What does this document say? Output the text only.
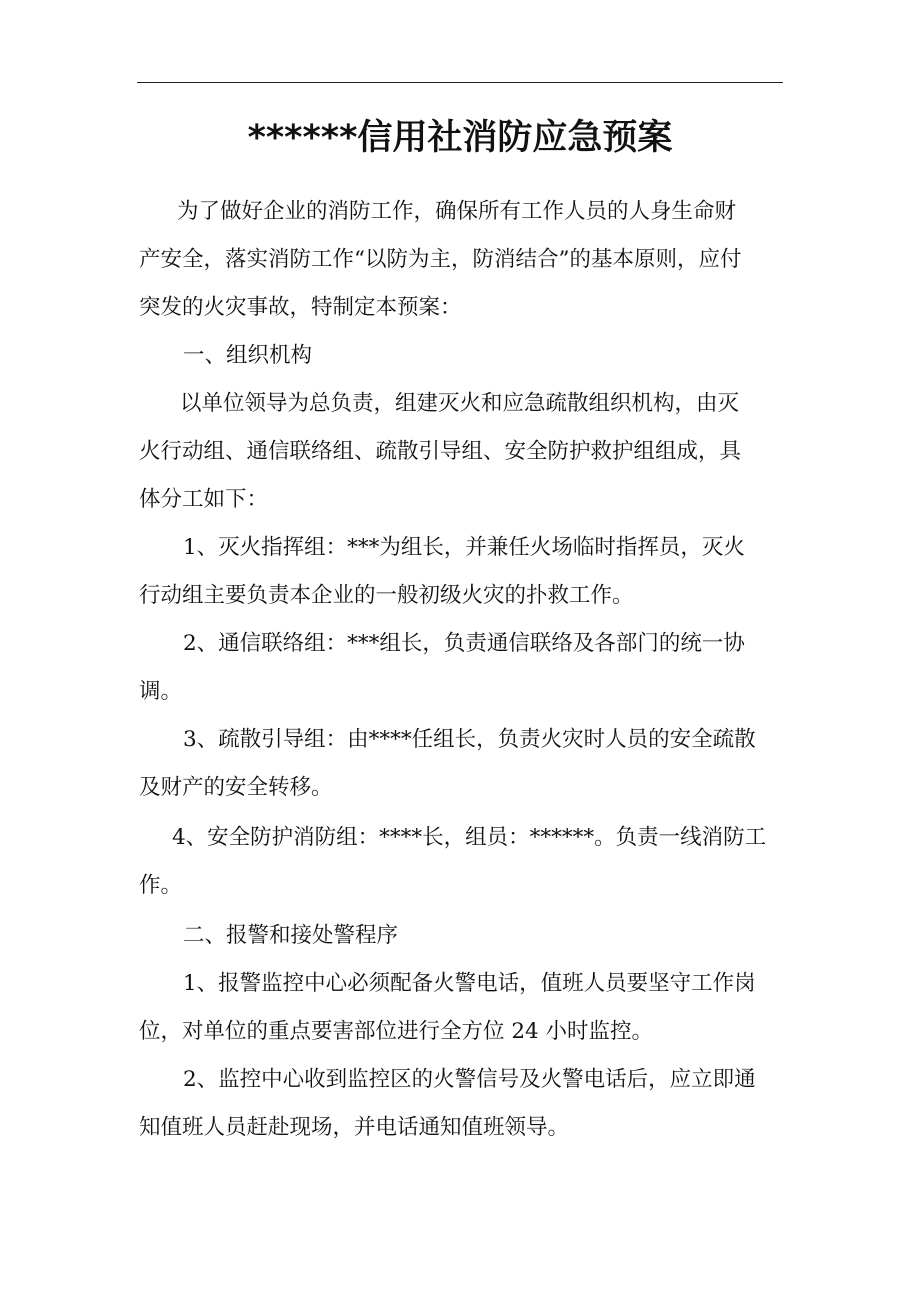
******信用社消防应急预案

为了做好企业的消防工作，确保所有工作人员的人身生命财

产安全，落实消防工作“以防为主，防消结合”的基本原则，应付

突发的火灾事故，特制定本预案：

一、组织机构

以单位领导为总负责，组建灭火和应急疏散组织机构，由灭

火行动组、通信联络组、疏散引导组、安全防护救护组组成，具

体分工如下：

1、灭火指挥组：***为组长，并兼任火场临时指挥员，灭火

行动组主要负责本企业的一般初级火灾的扑救工作。

2、通信联络组：***组长，负责通信联络及各部门的统一协

调。

3、疏散引导组：由****任组长，负责火灾时人员的安全疏散

及财产的安全转移。

4、安全防护消防组：****长，组员：******。负责一线消防工

作。

二、报警和接处警程序

1、报警监控中心必须配备火警电话，值班人员要坚守工作岗

位，对单位的重点要害部位进行全方位 24 小时监控。

2、监控中心收到监控区的火警信号及火警电话后，应立即通

知值班人员赶赴现场，并电话通知值班领导。
